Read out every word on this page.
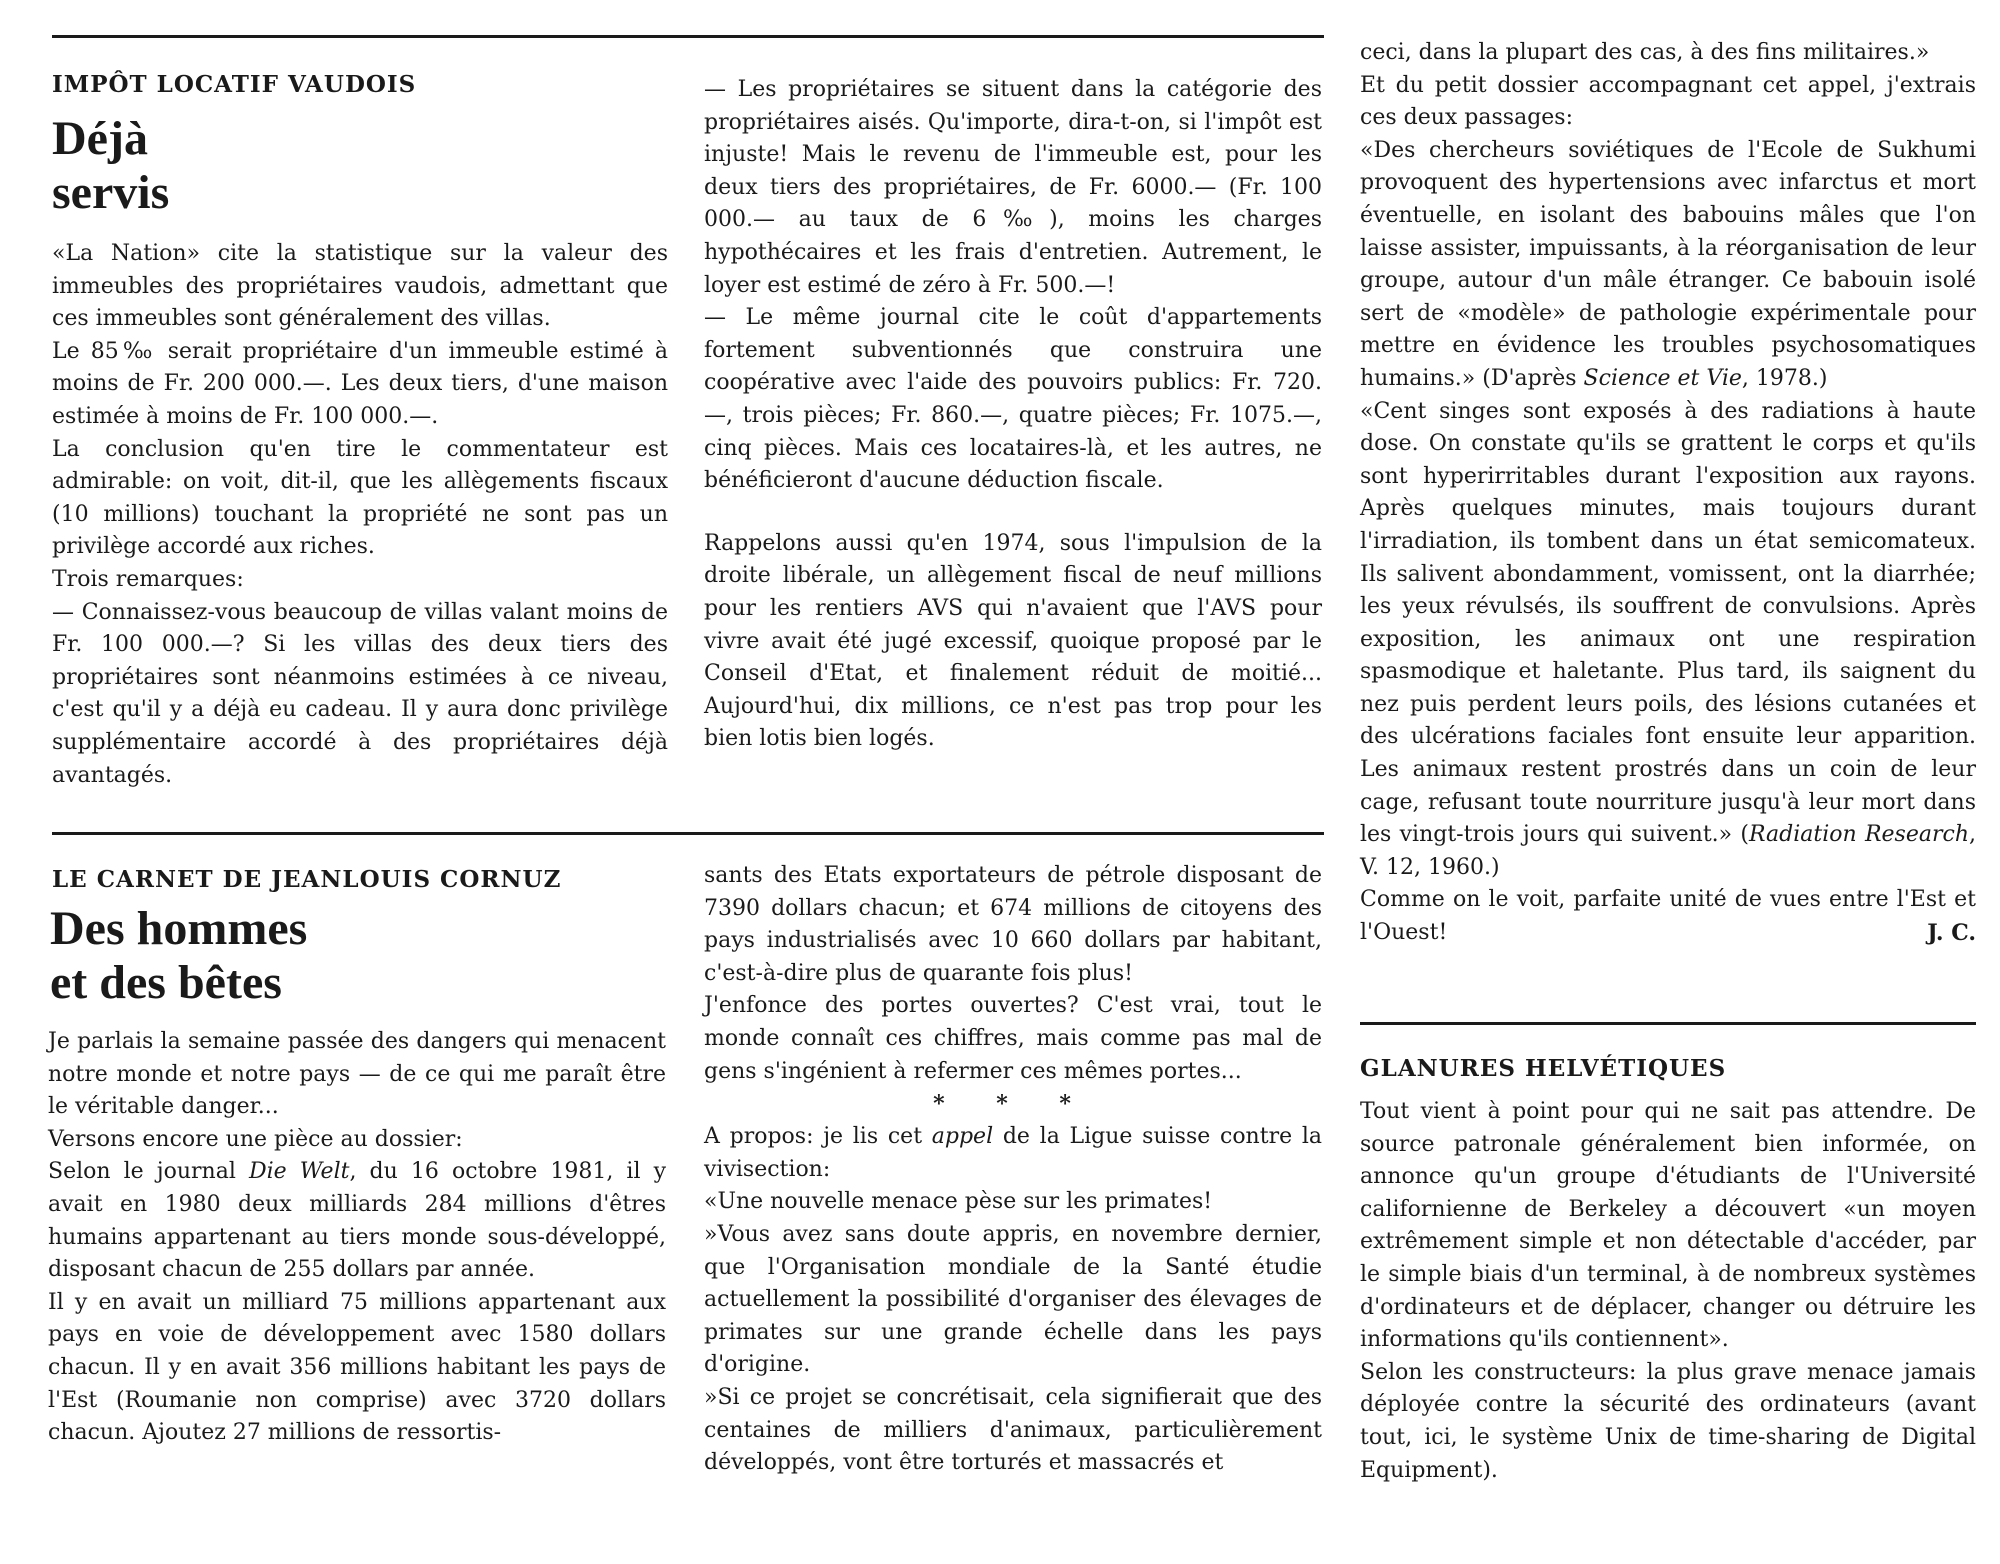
IMPÔT LOCATIF VAUDOIS
Déjà
servis

«La Nation» cite la statistique sur la valeur des immeubles des propriétaires vaudois, admettant que ces immeubles sont généralement des villas.

Le 85‰ serait propriétaire d'un immeuble estimé à moins de Fr. 200 000.—. Les deux tiers, d'une maison estimée à moins de Fr. 100 000.—.

La conclusion qu'en tire le commentateur est admirable: on voit, dit-il, que les allègements fiscaux (10 millions) touchant la propriété ne sont pas un privilège accordé aux riches.

Trois remarques:

— Connaissez-vous beaucoup de villas valant moins de Fr. 100 000.—? Si les villas des deux tiers des propriétaires sont néanmoins estimées à ce niveau, c'est qu'il y a déjà eu cadeau. Il y aura donc privilège supplémentaire accordé à des propriétaires déjà avantagés.

— Les propriétaires se situent dans la catégorie des propriétaires aisés. Qu'importe, dira-t-on, si l'impôt est injuste! Mais le revenu de l'immeuble est, pour les deux tiers des propriétaires, de Fr. 6000.— (Fr. 100 000.— au taux de 6‰), moins les charges hypothécaires et les frais d'entretien. Autrement, le loyer est estimé de zéro à Fr. 500.—!

— Le même journal cite le coût d'appartements fortement subventionnés que construira une coopérative avec l'aide des pouvoirs publics: Fr. 720.—, trois pièces; Fr. 860.—, quatre pièces; Fr. 1075.—, cinq pièces. Mais ces locataires-là, et les autres, ne bénéficieront d'aucune déduction fiscale.

Rappelons aussi qu'en 1974, sous l'impulsion de la droite libérale, un allègement fiscal de neuf millions pour les rentiers AVS qui n'avaient que l'AVS pour vivre avait été jugé excessif, quoique proposé par le Conseil d'Etat, et finalement réduit de moitié... Aujourd'hui, dix millions, ce n'est pas trop pour les bien lotis bien logés.

LE CARNET DE JEANLOUIS CORNUZ
Des hommes
et des bêtes

Je parlais la semaine passée des dangers qui menacent notre monde et notre pays — de ce qui me paraît être le véritable danger...

Versons encore une pièce au dossier:

Selon le journal Die Welt, du 16 octobre 1981, il y avait en 1980 deux milliards 284 millions d'êtres humains appartenant au tiers monde sous-développé, disposant chacun de 255 dollars par année.

Il y en avait un milliard 75 millions appartenant aux pays en voie de développement avec 1580 dollars chacun. Il y en avait 356 millions habitant les pays de l'Est (Roumanie non comprise) avec 3720 dollars chacun. Ajoutez 27 millions de ressortis-

sants des Etats exportateurs de pétrole disposant de 7390 dollars chacun; et 674 millions de citoyens des pays industrialisés avec 10 660 dollars par habitant, c'est-à-dire plus de quarante fois plus!

J'enfonce des portes ouvertes? C'est vrai, tout le monde connaît ces chiffres, mais comme pas mal de gens s'ingénient à refermer ces mêmes portes...

* * *

A propos: je lis cet appel de la Ligue suisse contre la vivisection:

«Une nouvelle menace pèse sur les primates!

»Vous avez sans doute appris, en novembre dernier, que l'Organisation mondiale de la Santé étudie actuellement la possibilité d'organiser des élevages de primates sur une grande échelle dans les pays d'origine.

»Si ce projet se concrétisait, cela signifierait que des centaines de milliers d'animaux, particulièrement développés, vont être torturés et massacrés et

ceci, dans la plupart des cas, à des fins militaires.»

Et du petit dossier accompagnant cet appel, j'extrais ces deux passages:

«Des chercheurs soviétiques de l'Ecole de Sukhumi provoquent des hypertensions avec infarctus et mort éventuelle, en isolant des babouins mâles que l'on laisse assister, impuissants, à la réorganisation de leur groupe, autour d'un mâle étranger. Ce babouin isolé sert de «modèle» de pathologie expérimentale pour mettre en évidence les troubles psychosomatiques humains.» (D'après Science et Vie, 1978.)

«Cent singes sont exposés à des radiations à haute dose. On constate qu'ils se grattent le corps et qu'ils sont hyperirritables durant l'exposition aux rayons. Après quelques minutes, mais toujours durant l'irradiation, ils tombent dans un état semicomateux. Ils salivent abondamment, vomissent, ont la diarrhée; les yeux révulsés, ils souffrent de convulsions. Après exposition, les animaux ont une respiration spasmodique et haletante. Plus tard, ils saignent du nez puis perdent leurs poils, des lésions cutanées et des ulcérations faciales font ensuite leur apparition. Les animaux restent prostrés dans un coin de leur cage, refusant toute nourriture jusqu'à leur mort dans les vingt-trois jours qui suivent.» (Radiation Research, V. 12, 1960.)

Comme on le voit, parfaite unité de vues entre l'Est et l'Ouest!	J. C.

GLANURES HELVÉTIQUES

Tout vient à point pour qui ne sait pas attendre. De source patronale généralement bien informée, on annonce qu'un groupe d'étudiants de l'Université californienne de Berkeley a découvert «un moyen extrêmement simple et non détectable d'accéder, par le simple biais d'un terminal, à de nombreux systèmes d'ordinateurs et de déplacer, changer ou détruire les informations qu'ils contiennent».

Selon les constructeurs: la plus grave menace jamais déployée contre la sécurité des ordinateurs (avant tout, ici, le système Unix de time-sharing de Digital Equipment).
